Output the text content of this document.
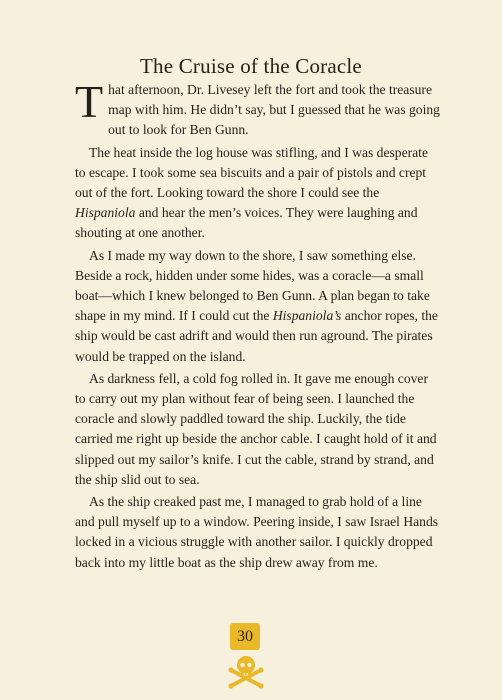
The Cruise of the Coracle

That afternoon, Dr. Livesey left the fort and took the treasure map with him. He didn’t say, but I guessed that he was going out to look for Ben Gunn.

The heat inside the log house was stifling, and I was desperate to escape. I took some sea biscuits and a pair of pistols and crept out of the fort. Looking toward the shore I could see the Hispaniola and hear the men’s voices. They were laughing and shouting at one another.

As I made my way down to the shore, I saw something else. Beside a rock, hidden under some hides, was a coracle—a small boat—which I knew belonged to Ben Gunn. A plan began to take shape in my mind. If I could cut the Hispaniola’s anchor ropes, the ship would be cast adrift and would then run aground. The pirates would be trapped on the island.

As darkness fell, a cold fog rolled in. It gave me enough cover to carry out my plan without fear of being seen. I launched the coracle and slowly paddled toward the ship. Luckily, the tide carried me right up beside the anchor cable. I caught hold of it and slipped out my sailor’s knife. I cut the cable, strand by strand, and the ship slid out to sea.

As the ship creaked past me, I managed to grab hold of a line and pull myself up to a window. Peering inside, I saw Israel Hands locked in a vicious struggle with another sailor. I quickly dropped back into my little boat as the ship drew away from me.

30
